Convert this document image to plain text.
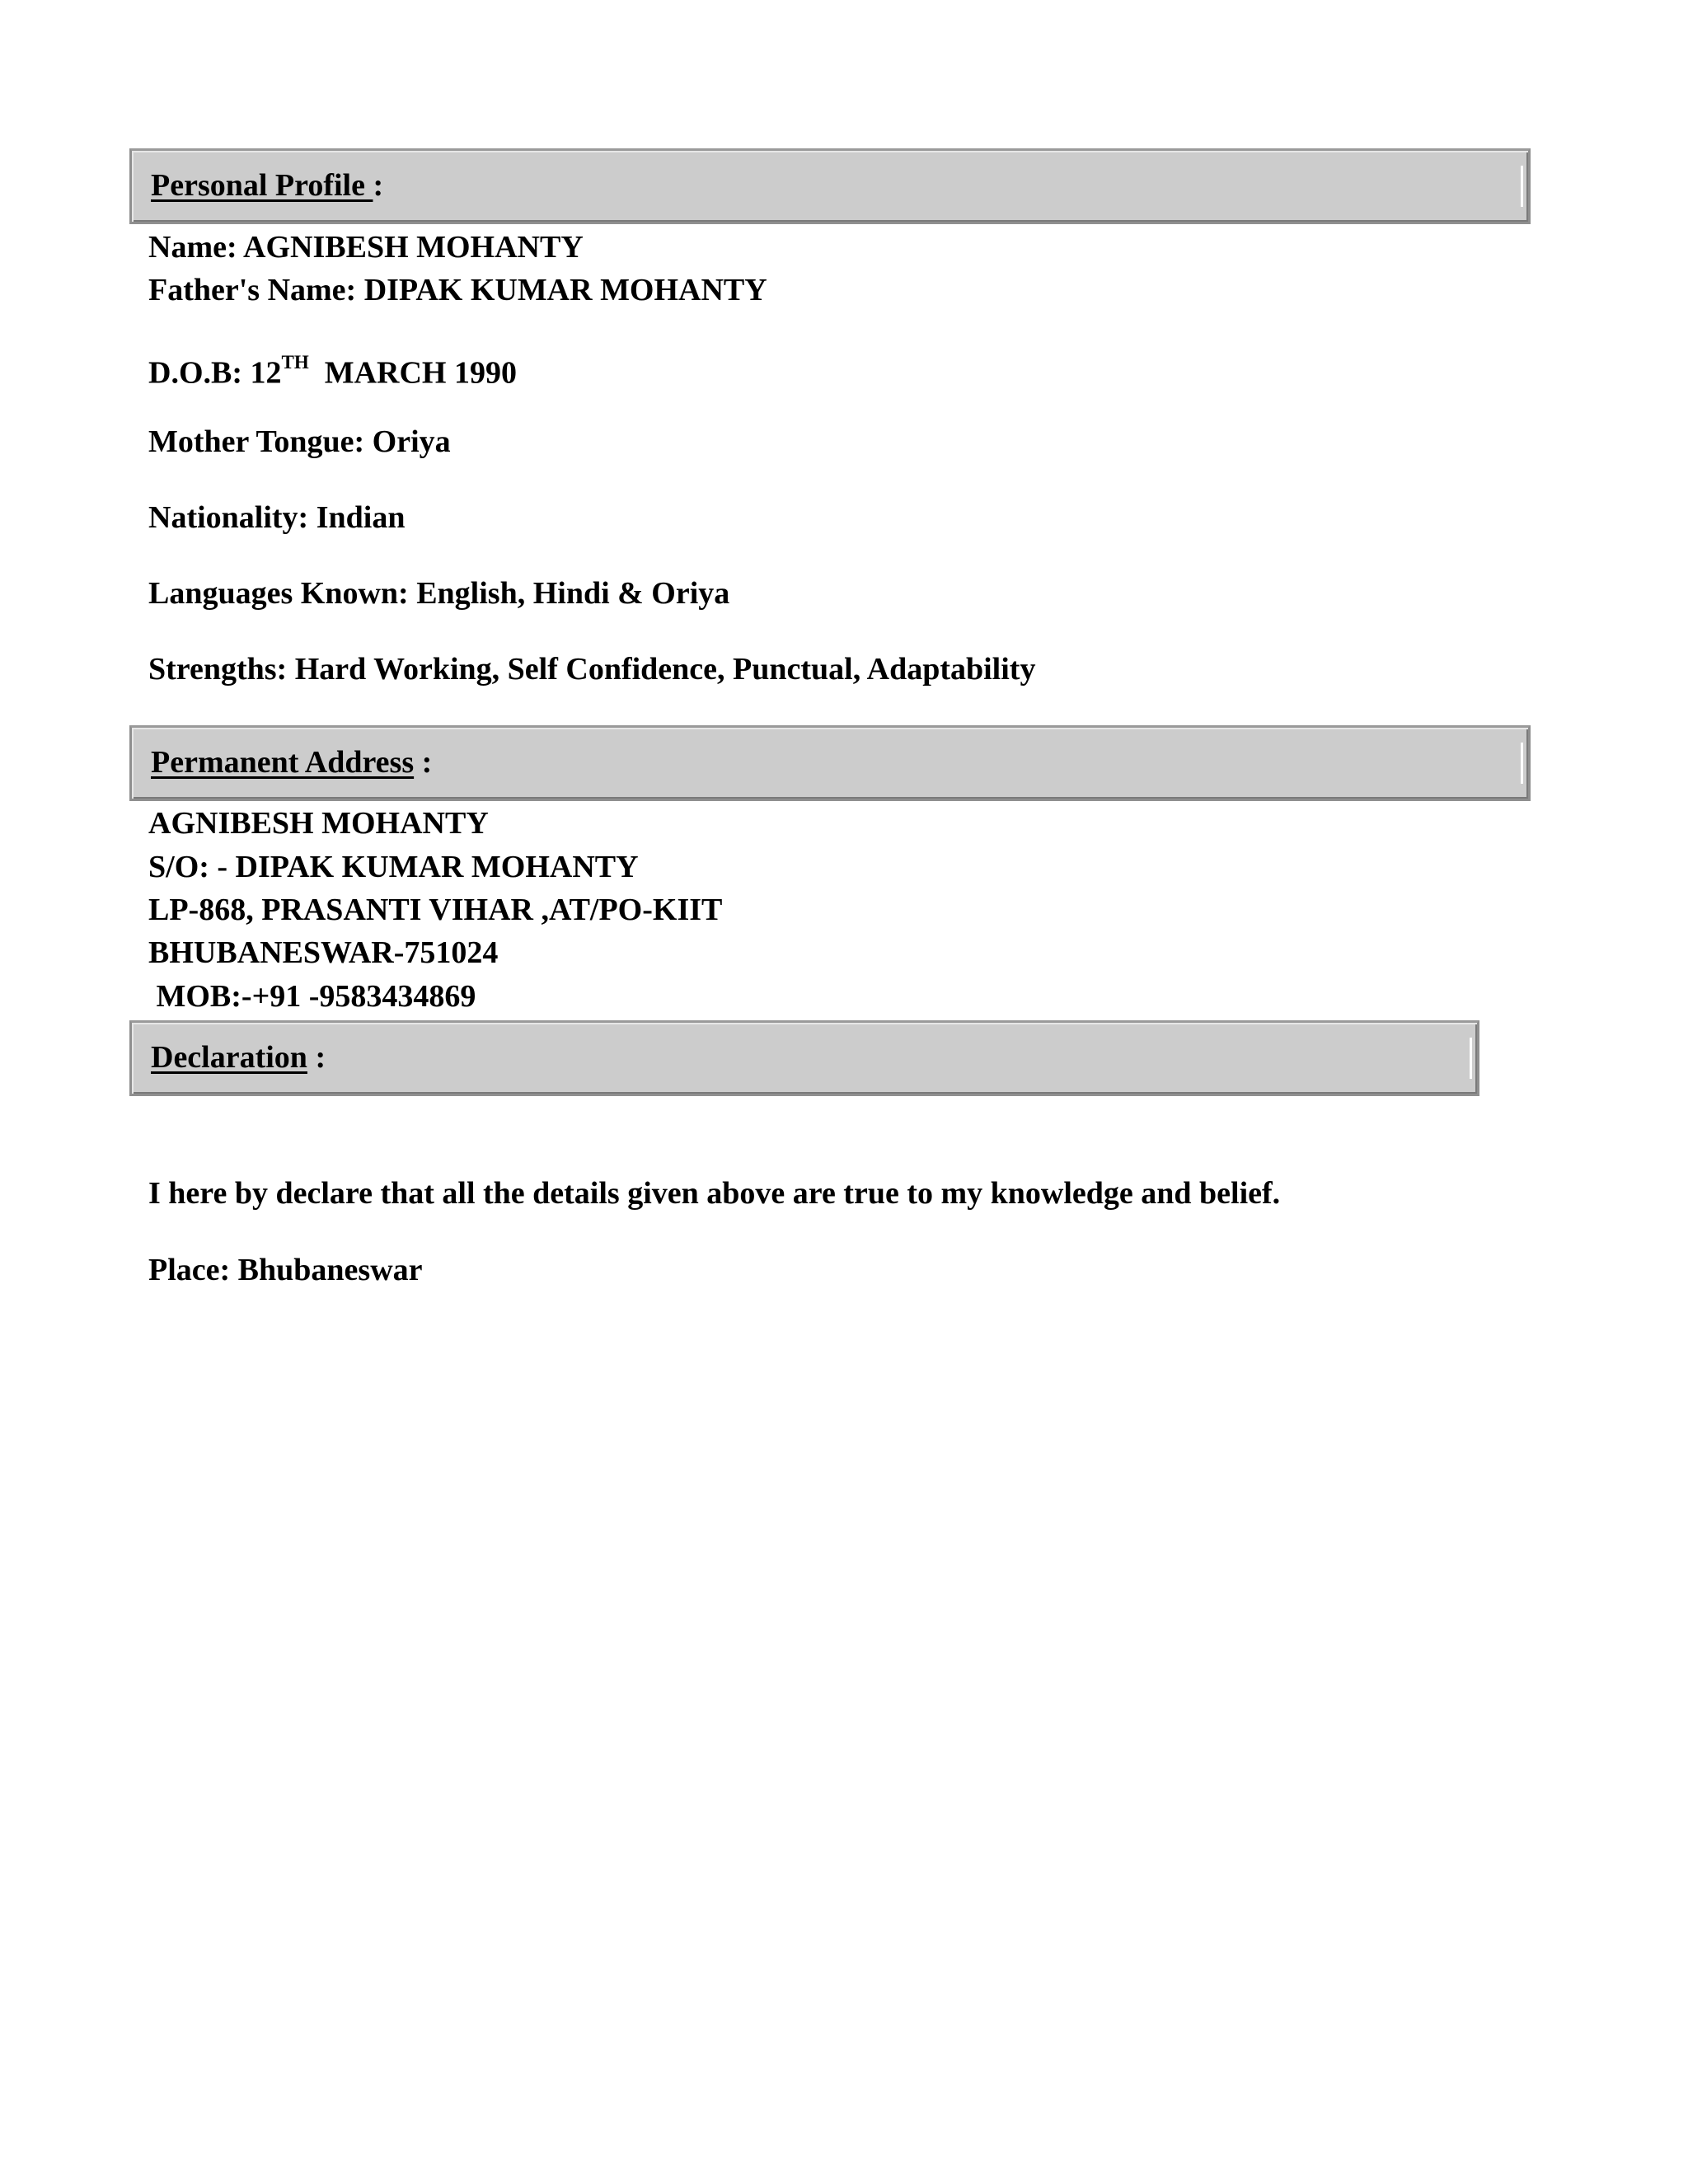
Personal Profile :
Name: AGNIBESH MOHANTY
Father's Name: DIPAK KUMAR MOHANTY
D.O.B: 12TH  MARCH 1990
Mother Tongue: Oriya
Nationality: Indian
Languages Known: English, Hindi & Oriya
Strengths: Hard Working, Self Confidence, Punctual, Adaptability
Permanent Address :
AGNIBESH MOHANTY
S/O: - DIPAK KUMAR MOHANTY
LP-868, PRASANTI VIHAR ,AT/PO-KIIT
BHUBANESWAR-751024
MOB:-+91 -9583434869
Declaration :
I here by declare that all the details given above are true to my knowledge and belief.
Place: Bhubaneswar
